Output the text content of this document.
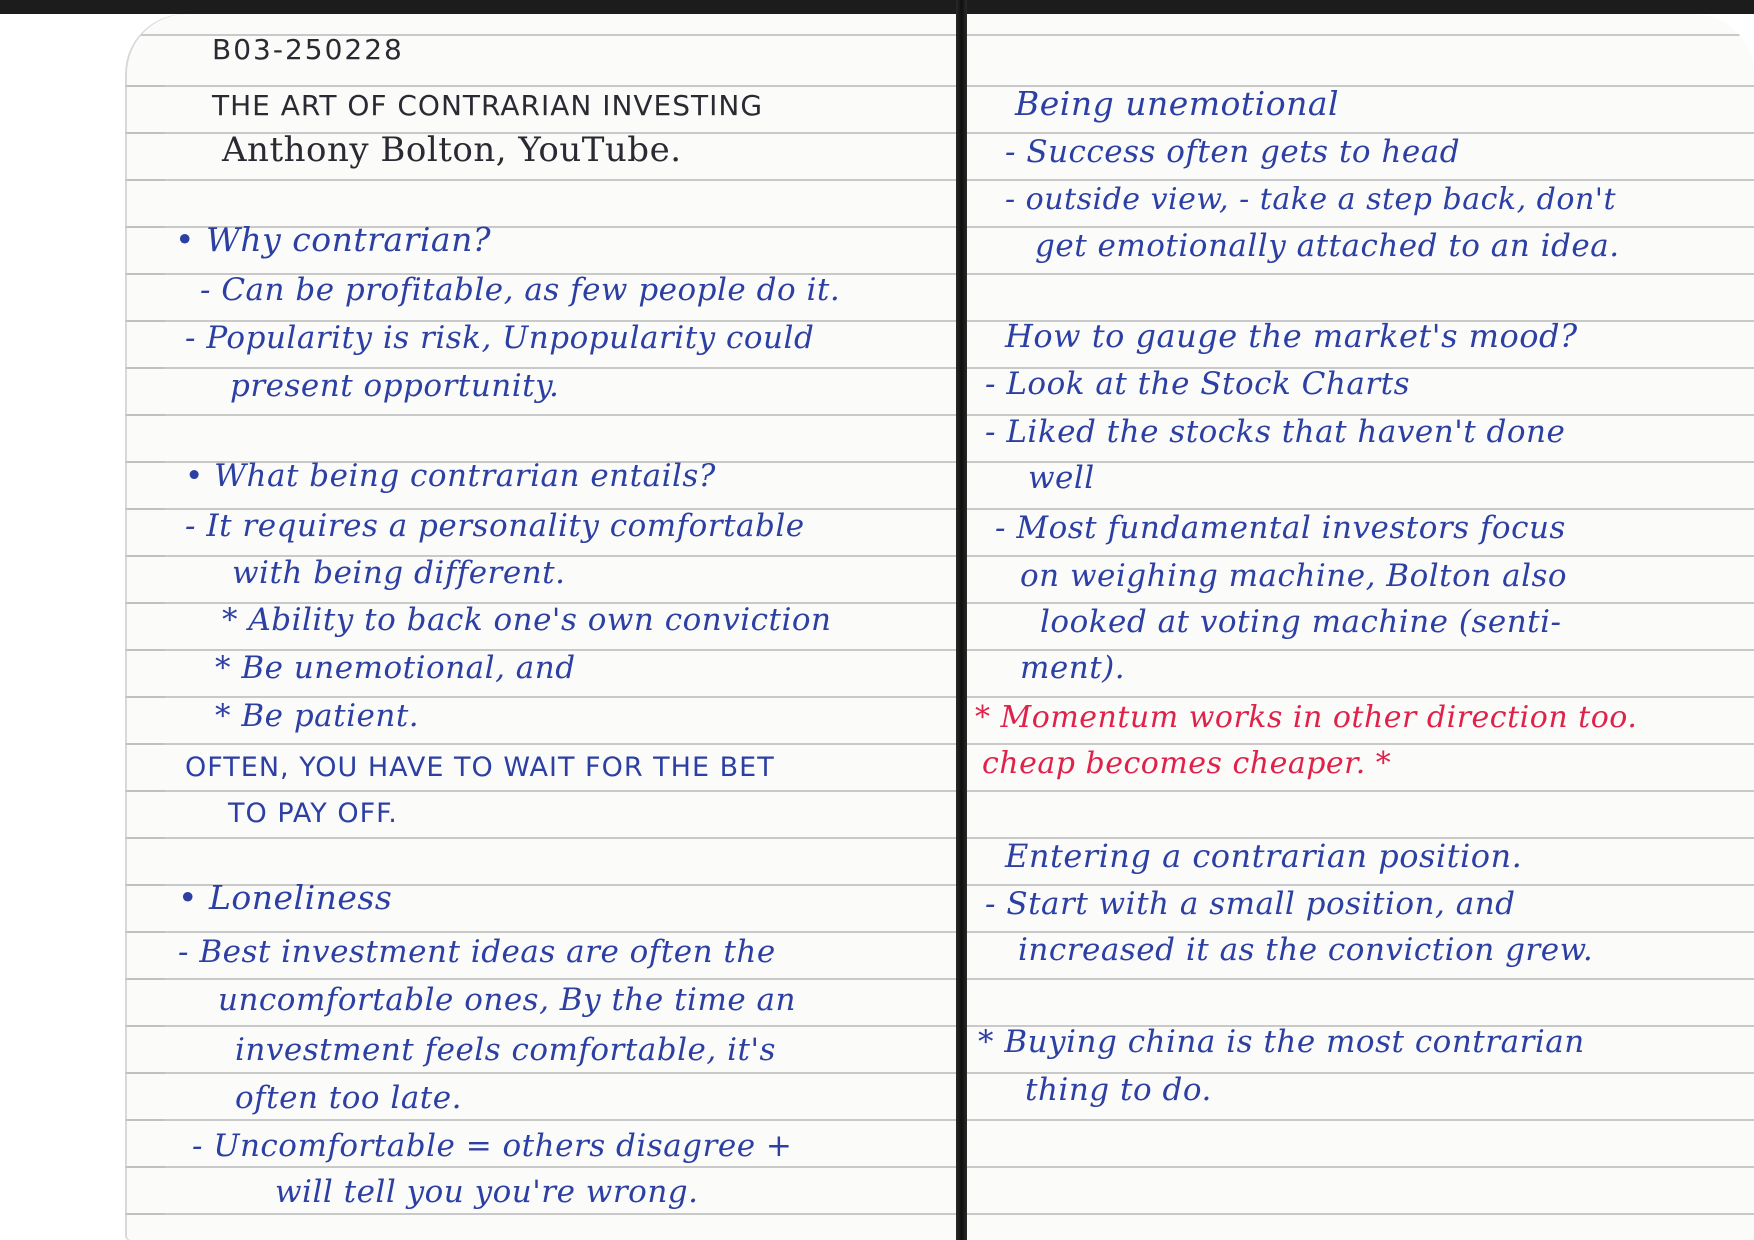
B03-250228
THE ART OF CONTRARIAN INVESTING
Anthony Bolton, YouTube.
• Why contrarian?
- Can be profitable, as few people do it.
- Popularity is risk, Unpopularity could
present opportunity.
• What being contrarian entails?
- It requires a personality comfortable
with being different.
* Ability to back one's own conviction
* Be unemotional, and
* Be patient.
OFTEN, YOU HAVE TO WAIT FOR THE BET
TO PAY OFF.
• Loneliness
- Best investment ideas are often the
uncomfortable ones, By the time an
investment feels comfortable, it's
often too late.
- Uncomfortable = others disagree +
will tell you you're wrong.
Being unemotional
- Success often gets to head
- outside view, - take a step back, don't
get emotionally attached to an idea.
How to gauge the market's mood?
- Look at the Stock Charts
- Liked the stocks that haven't done
well
- Most fundamental investors focus
on weighing machine, Bolton also
looked at voting machine (senti-
ment).
* Momentum works in other direction too.
cheap becomes cheaper. *
Entering a contrarian position.
- Start with a small position, and
increased it as the conviction grew.
* Buying china is the most contrarian
thing to do.
